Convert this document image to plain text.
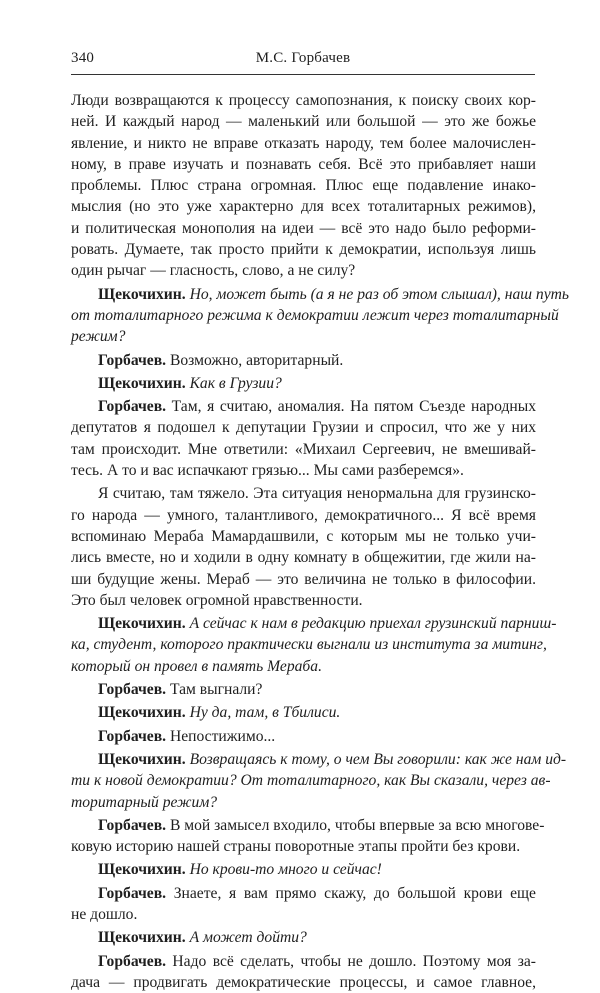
340	М.С. Горбачев
Люди возвращаются к процессу самопознания, к поиску своих кор-
ней. И каждый народ — маленький или большой — это же божье
явление, и никто не вправе отказать народу, тем более малочислен-
ному, в праве изучать и познавать себя. Всё это прибавляет наши
проблемы. Плюс страна огромная. Плюс еще подавление инако-
мыслия (но это уже характерно для всех тоталитарных режимов),
и политическая монополия на идеи — всё это надо было реформи-
ровать. Думаете, так просто прийти к демократии, используя лишь
один рычаг — гласность, слово, а не силу?
Щекочихин. Но, может быть (а я не раз об этом слышал), наш путь
от тоталитарного режима к демократии лежит через тоталитарный
режим?
Горбачев. Возможно, авторитарный.
Щекочихин. Как в Грузии?
Горбачев. Там, я считаю, аномалия. На пятом Съезде народных
депутатов я подошел к депутации Грузии и спросил, что же у них
там происходит. Мне ответили: «Михаил Сергеевич, не вмешивай-
тесь. А то и вас испачкают грязью... Мы сами разберемся».
Я считаю, там тяжело. Эта ситуация ненормальна для грузинско-
го народа — умного, талантливого, демократичного... Я всё время
вспоминаю Мераба Мамардашвили, с которым мы не только учи-
лись вместе, но и ходили в одну комнату в общежитии, где жили на-
ши будущие жены. Мераб — это величина не только в философии.
Это был человек огромной нравственности.
Щекочихин. А сейчас к нам в редакцию приехал грузинский парниш-
ка, студент, которого практически выгнали из института за митинг,
который он провел в память Мераба.
Горбачев. Там выгнали?
Щекочихин. Ну да, там, в Тбилиси.
Горбачев. Непостижимо...
Щекочихин. Возвращаясь к тому, о чем Вы говорили: как же нам ид-
ти к новой демократии? От тоталитарного, как Вы сказали, через ав-
торитарный режим?
Горбачев. В мой замысел входило, чтобы впервые за всю многове-
ковую историю нашей страны поворотные этапы пройти без крови.
Щекочихин. Но крови-то много и сейчас!
Горбачев. Знаете, я вам прямо скажу, до большой крови еще
не дошло.
Щекочихин. А может дойти?
Горбачев. Надо всё сделать, чтобы не дошло. Поэтому моя за-
дача — продвигать демократические процессы, и самое главное,
